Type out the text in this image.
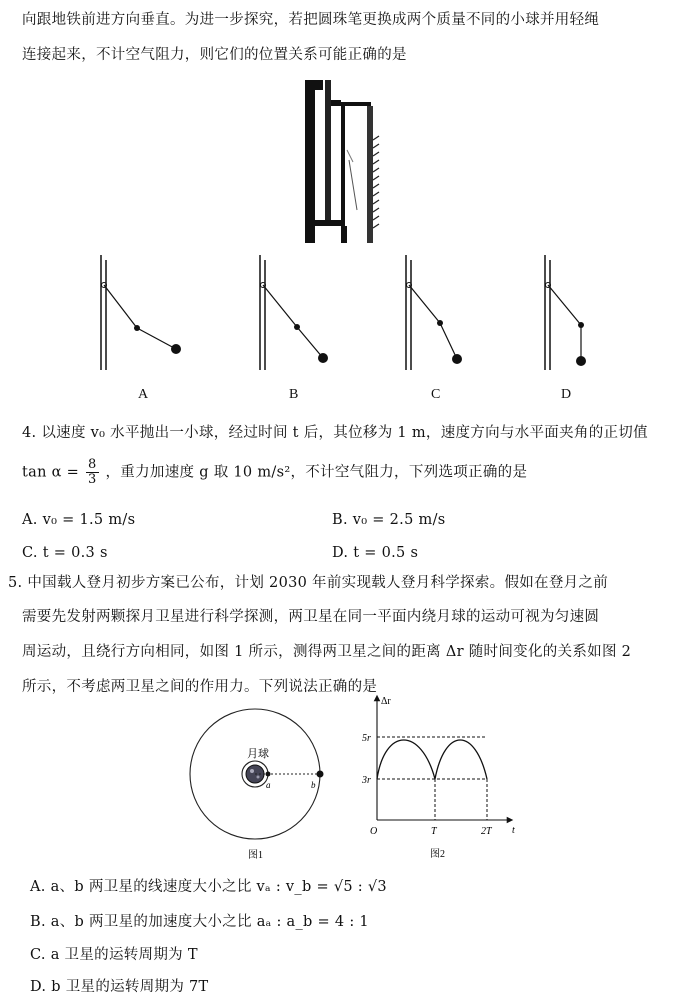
向跟地铁前进方向垂直。为进一步探究，若把圆珠笔更换成两个质量不同的小球并用轻绳
连接起来，不计空气阻力，则它们的位置关系可能正确的是
A	B	C	D
4. 以速度 v₀ 水平抛出一小球，经过时间 t 后，其位移为 1 m，速度方向与水平面夹角的正切值
$\tan \alpha = \frac{8}{3}$ ，重力加速度 g 取 10 m/s²，不计空气阻力，下列选项正确的是
A. v₀ = 1.5 m/s	B. v₀ = 2.5 m/s
C. t = 0.3 s	D. t = 0.5 s
5. 中国载人登月初步方案已公布，计划 2030 年前实现载人登月科学探索。假如在登月之前
需要先发射两颗探月卫星进行科学探测，两卫星在同一平面内绕月球的运动可视为匀速圆
周运动，且绕行方向相同，如图 1 所示，测得两卫星之间的距离 Δr 随时间变化的关系如图 2
所示，不考虑两卫星之间的作用力。下列说法正确的是
月球
a	b
图1
Δr
t
5r
3r
O	T	2T
图2
A. a、b 两卫星的线速度大小之比 vₐ : v_b = √5 : √3
B. a、b 两卫星的加速度大小之比 aₐ : a_b = 4 : 1
C. a 卫星的运转周期为 T
D. b 卫星的运转周期为 7T
